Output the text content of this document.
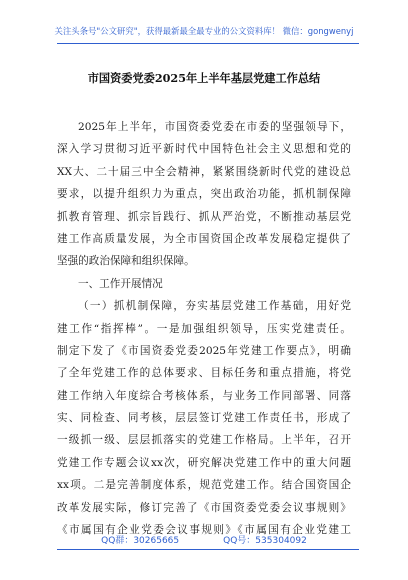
关注头条号"公文研究"，获得最新最全最专业的公文资料库！ 微信：gongwenyj
市国资委党委2025年上半年基层党建工作总结
2025年上半年，市国资委党委在市委的坚强领导下，
深入学习贯彻习近平新时代中国特色社会主义思想和党的
XX大、二十届三中全会精神，紧紧围绕新时代党的建设总
要求，以提升组织力为重点，突出政治功能，抓机制保障
抓教育管理、抓宗旨践行、抓从严治党，不断推动基层党
建工作高质量发展，为全市国资国企改革发展稳定提供了
坚强的政治保障和组织保障。
一、工作开展情况
（一）抓机制保障，夯实基层党建工作基础，用好党
建工作“指挥棒”。一是加强组织领导，压实党建责任。
制定下发了《市国资委党委2025年党建工作要点》，明确
了全年党建工作的总体要求、目标任务和重点措施，将党
建工作纳入年度综合考核体系，与业务工作同部署、同落
实、同检查、同考核，层层签订党建工作责任书，形成了
一级抓一级、层层抓落实的党建工作格局。上半年，召开
党建工作专题会议xx次，研究解决党建工作中的重大问题
xx项。二是完善制度体系，规范党建工作。结合国资国企
改革发展实际，修订完善了《市国资委党委会议事规则》
《市属国有企业党委会议事规则》《市属国有企业党建工
QQ群：30265665	QQ号：535304092
